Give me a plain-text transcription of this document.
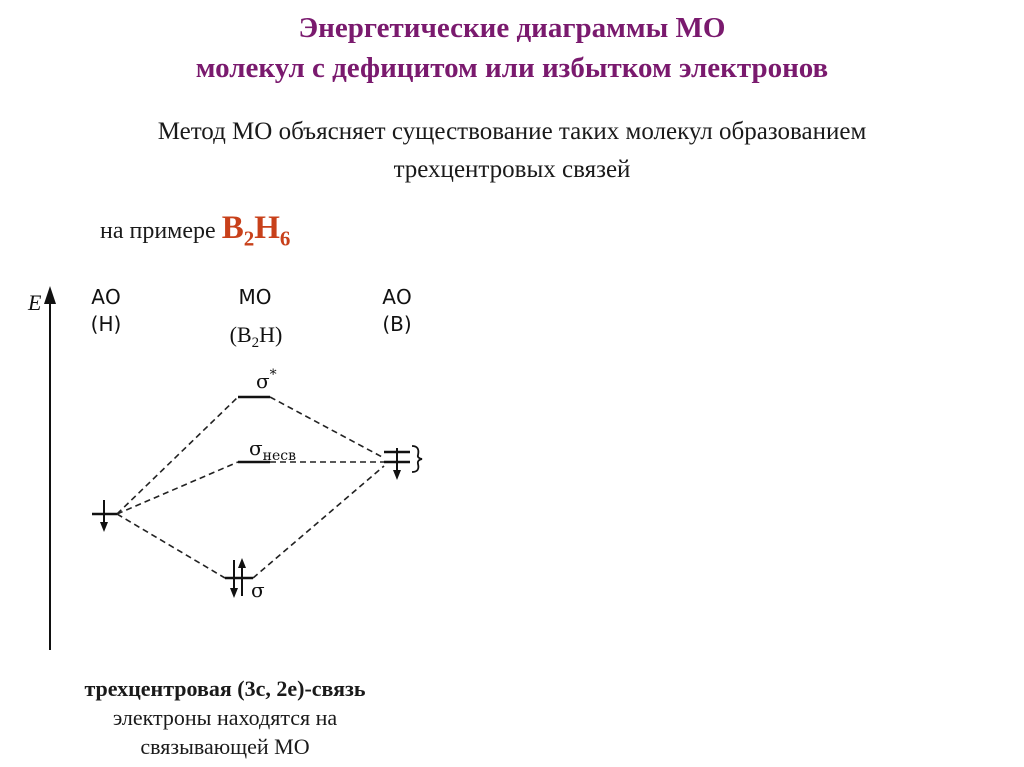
Энергетические диаграммы МО
молекул с дефицитом или избытком электронов
Метод МО объясняет существование таких молекул образованием
трехцентровых связей
на примере $B_2H_6$
E АО
(H)
МО
$(B_2H)$
АО
(B)
σ*
$\sigma_{несв}$
σ
трехцентровая (3с, 2е)-связь
электроны находятся на
связывающей МО
